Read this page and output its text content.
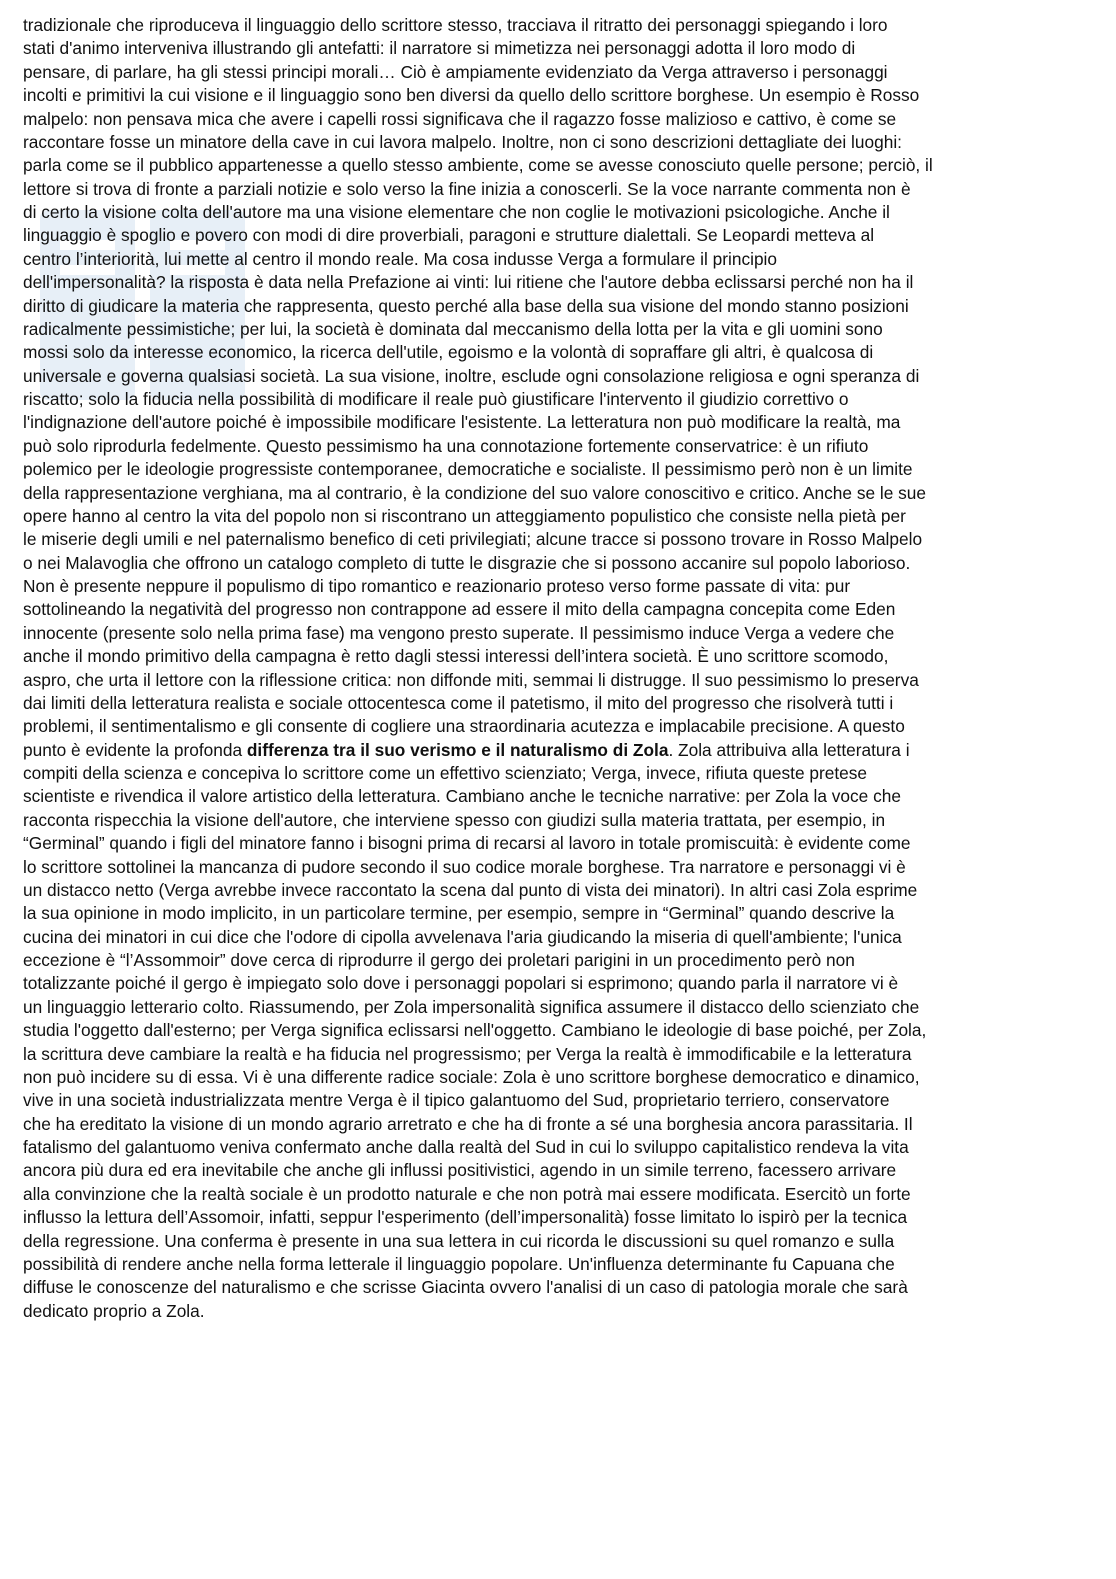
tradizionale che riproduceva il linguaggio dello scrittore stesso, tracciava il ritratto dei personaggi spiegando i loro
stati d'animo interveniva illustrando gli antefatti: il narratore si mimetizza nei personaggi adotta il loro modo di
pensare, di parlare, ha gli stessi principi morali… Ciò è ampiamente evidenziato da Verga attraverso i personaggi
incolti e primitivi la cui visione e il linguaggio sono ben diversi da quello dello scrittore borghese. Un esempio è Rosso
malpelo: non pensava mica che avere i capelli rossi significava che il ragazzo fosse malizioso e cattivo, è come se
raccontare fosse un minatore della cave in cui lavora malpelo. Inoltre, non ci sono descrizioni dettagliate dei luoghi:
parla come se il pubblico appartenesse a quello stesso ambiente, come se avesse conosciuto quelle persone; perciò, il
lettore si trova di fronte a parziali notizie e solo verso la fine inizia a conoscerli. Se la voce narrante commenta non è
di certo la visione colta dell'autore ma una visione elementare che non coglie le motivazioni psicologiche. Anche il
linguaggio è spoglio e povero con modi di dire proverbiali, paragoni e strutture dialettali. Se Leopardi metteva al
centro l’interiorità, lui mette al centro il mondo reale. Ma cosa indusse Verga a formulare il principio
dell'impersonalità? la risposta è data nella Prefazione ai vinti: lui ritiene che l'autore debba eclissarsi perché non ha il
diritto di giudicare la materia che rappresenta, questo perché alla base della sua visione del mondo stanno posizioni
radicalmente pessimistiche; per lui, la società è dominata dal meccanismo della lotta per la vita e gli uomini sono
mossi solo da interesse economico, la ricerca dell'utile, egoismo e la volontà di sopraffare gli altri, è qualcosa di
universale e governa qualsiasi società. La sua visione, inoltre, esclude ogni consolazione religiosa e ogni speranza di
riscatto; solo la fiducia nella possibilità di modificare il reale può giustificare l'intervento il giudizio correttivo o
l'indignazione dell'autore poiché è impossibile modificare l'esistente. La letteratura non può modificare la realtà, ma
può solo riprodurla fedelmente. Questo pessimismo ha una connotazione fortemente conservatrice: è un rifiuto
polemico per le ideologie progressiste contemporanee, democratiche e socialiste. Il pessimismo però non è un limite
della rappresentazione verghiana, ma al contrario, è la condizione del suo valore conoscitivo e critico. Anche se le sue
opere hanno al centro la vita del popolo non si riscontrano un atteggiamento populistico che consiste nella pietà per
le miserie degli umili e nel paternalismo benefico di ceti privilegiati; alcune tracce si possono trovare in Rosso Malpelo
o nei Malavoglia che offrono un catalogo completo di tutte le disgrazie che si possono accanire sul popolo laborioso.
Non è presente neppure il populismo di tipo romantico e reazionario proteso verso forme passate di vita: pur
sottolineando la negatività del progresso non contrappone ad essere il mito della campagna concepita come Eden
innocente (presente solo nella prima fase) ma vengono presto superate. Il pessimismo induce Verga a vedere che
anche il mondo primitivo della campagna è retto dagli stessi interessi dell’intera società. È uno scrittore scomodo,
aspro, che urta il lettore con la riflessione critica: non diffonde miti, semmai li distrugge. Il suo pessimismo lo preserva
dai limiti della letteratura realista e sociale ottocentesca come il patetismo, il mito del progresso che risolverà tutti i
problemi, il sentimentalismo e gli consente di cogliere una straordinaria acutezza e implacabile precisione. A questo
punto è evidente la profonda differenza tra il suo verismo e il naturalismo di Zola. Zola attribuiva alla letteratura i
compiti della scienza e concepiva lo scrittore come un effettivo scienziato; Verga, invece, rifiuta queste pretese
scientiste e rivendica il valore artistico della letteratura. Cambiano anche le tecniche narrative: per Zola la voce che
racconta rispecchia la visione dell'autore, che interviene spesso con giudizi sulla materia trattata, per esempio, in
“Germinal” quando i figli del minatore fanno i bisogni prima di recarsi al lavoro in totale promiscuità: è evidente come
lo scrittore sottolinei la mancanza di pudore secondo il suo codice morale borghese. Tra narratore e personaggi vi è
un distacco netto (Verga avrebbe invece raccontato la scena dal punto di vista dei minatori). In altri casi Zola esprime
la sua opinione in modo implicito, in un particolare termine, per esempio, sempre in “Germinal” quando descrive la
cucina dei minatori in cui dice che l'odore di cipolla avvelenava l'aria giudicando la miseria di quell'ambiente; l'unica
eccezione è “l’Assommoir” dove cerca di riprodurre il gergo dei proletari parigini in un procedimento però non
totalizzante poiché il gergo è impiegato solo dove i personaggi popolari si esprimono; quando parla il narratore vi è
un linguaggio letterario colto. Riassumendo, per Zola impersonalità significa assumere il distacco dello scienziato che
studia l'oggetto dall'esterno; per Verga significa eclissarsi nell'oggetto. Cambiano le ideologie di base poiché, per Zola,
la scrittura deve cambiare la realtà e ha fiducia nel progressismo; per Verga la realtà è immodificabile e la letteratura
non può incidere su di essa. Vi è una differente radice sociale: Zola è uno scrittore borghese democratico e dinamico,
vive in una società industrializzata mentre Verga è il tipico galantuomo del Sud, proprietario terriero, conservatore
che ha ereditato la visione di un mondo agrario arretrato e che ha di fronte a sé una borghesia ancora parassitaria. Il
fatalismo del galantuomo veniva confermato anche dalla realtà del Sud in cui lo sviluppo capitalistico rendeva la vita
ancora più dura ed era inevitabile che anche gli influssi positivistici, agendo in un simile terreno, facessero arrivare
alla convinzione che la realtà sociale è un prodotto naturale e che non potrà mai essere modificata. Esercitò un forte
influsso la lettura dell’Assomoir, infatti, seppur l'esperimento (dell’impersonalità) fosse limitato lo ispirò per la tecnica
della regressione. Una conferma è presente in una sua lettera in cui ricorda le discussioni su quel romanzo e sulla
possibilità di rendere anche nella forma letterale il linguaggio popolare. Un'influenza determinante fu Capuana che
diffuse le conoscenze del naturalismo e che scrisse Giacinta ovvero l'analisi di un caso di patologia morale che sarà
dedicato proprio a Zola.
